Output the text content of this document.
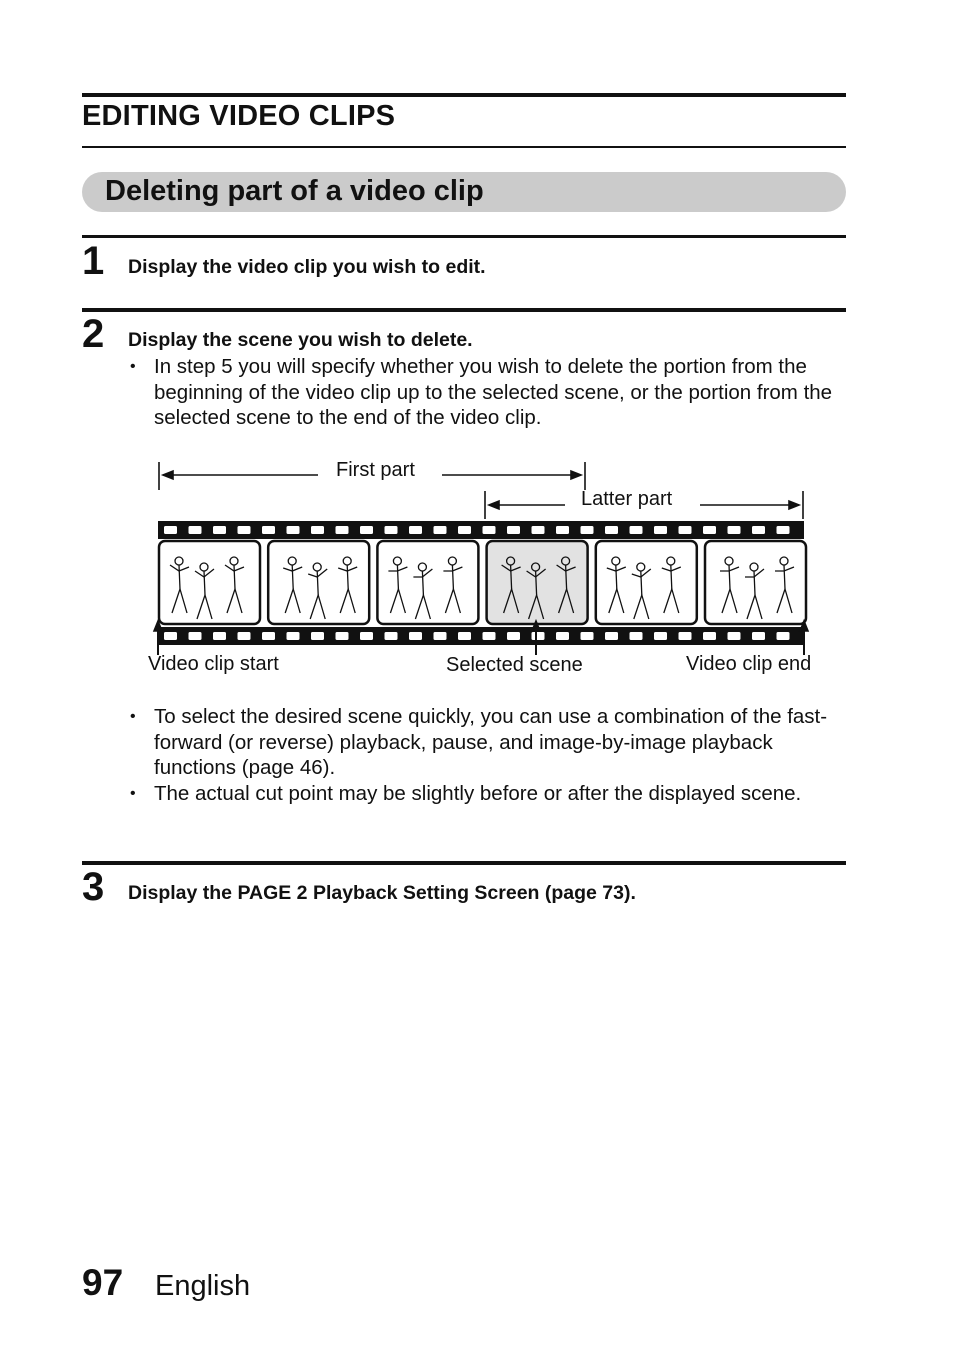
EDITING VIDEO CLIPS
Deleting part of a video clip
1 Display the video clip you wish to edit.
2 Display the scene you wish to delete.
• In step 5 you will specify whether you wish to delete the portion from the beginning of the video clip up to the selected scene, or the portion from the selected scene to the end of the video clip.
First part
Latter part
Video clip start	Selected scene	Video clip end
• To select the desired scene quickly, you can use a combination of the fast-forward (or reverse) playback, pause, and image-by-image playback functions (page 46).
• The actual cut point may be slightly before or after the displayed scene.
3 Display the PAGE 2 Playback Setting Screen (page 73).
97 English
